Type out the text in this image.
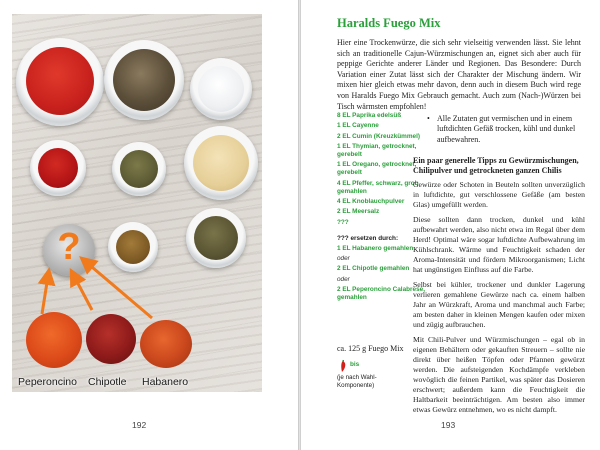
?
Peperoncino Chipotle Habanero
192
Haralds Fuego Mix
Hier eine Trockenwürze, die sich sehr vielseitig verwenden lässt. Sie lehnt sich an traditionelle Cajun-Würzmischungen an, eignet sich aber auch für peppige Gerichte anderer Länder und Regionen. Das Besondere: Durch Variation einer Zutat lässt sich der Charakter der Mischung ändern. Wir mixen hier gleich etwas mehr davon, denn auch in diesem Buch wird rege von Haralds Fuego Mix Gebrauch gemacht. Auch zum (Nach-)Würzen bei Tisch wärmsten empfohlen!
8 EL Paprika edelsüß
1 EL Cayenne
2 EL Cumin (Kreuzkümmel)
1 EL Thymian, getrocknet, gerebelt
1 EL Oregano, getrocknet, gerebelt
4 EL Pfeffer, schwarz, grob gemahlen
4 EL Knoblauchpulver
2 EL Meersalz
???
??? ersetzen durch:
1 EL Habanero gemahlen
oder
2 EL Chipotle gemahlen
oder
2 EL Peperoncino Calabrese, gemahlen
ca. 125 g Fuego Mix
bis
(je nach Wahl-Komponente)
• Alle Zutaten gut vermischen und in einem luftdichten Gefäß trocken, kühl und dunkel aufbewahren.
Ein paar generelle Tipps zu Gewürzmischungen, Chilipulver und getrockneten ganzen Chilis

Gewürze oder Schoten in Beuteln sollten unverzüglich in luftdichte, gut verschlossene Gefäße (am besten Glas) umgefüllt werden.

Diese sollten dann trocken, dunkel und kühl aufbewahrt werden, also nicht etwa im Regal über dem Herd! Optimal wäre sogar luftdichte Aufbewahrung im Kühlschrank. Wärme und Feuchtigkeit schaden der Aroma-Intensität und fördern Mikroorganismen; Licht hat ungünstigen Einfluss auf die Farbe.

Selbst bei kühler, trockener und dunkler Lagerung verlieren gemahlene Gewürze nach ca. einem halben Jahr an Würzkraft, Aroma und manchmal auch Farbe; am besten daher in kleinen Mengen kaufen oder mixen und zügig aufbrauchen.

Mit Chili-Pulver und Würzmischungen – egal ob in eigenen Behältern oder gekauften Streuern – sollte nie direkt über heißen Töpfen oder Pfannen gewürzt werden. Die aufsteigenden Kochdämpfe verkleben wovöglich die feinen Partikel, was später das Dosieren erschwert; außerdem kann die Feuchtigkeit die Haltbarkeit beeinträchtigen. Am besten also immer etwas Gewürz entnehmen, wo es nicht dampft.

193
